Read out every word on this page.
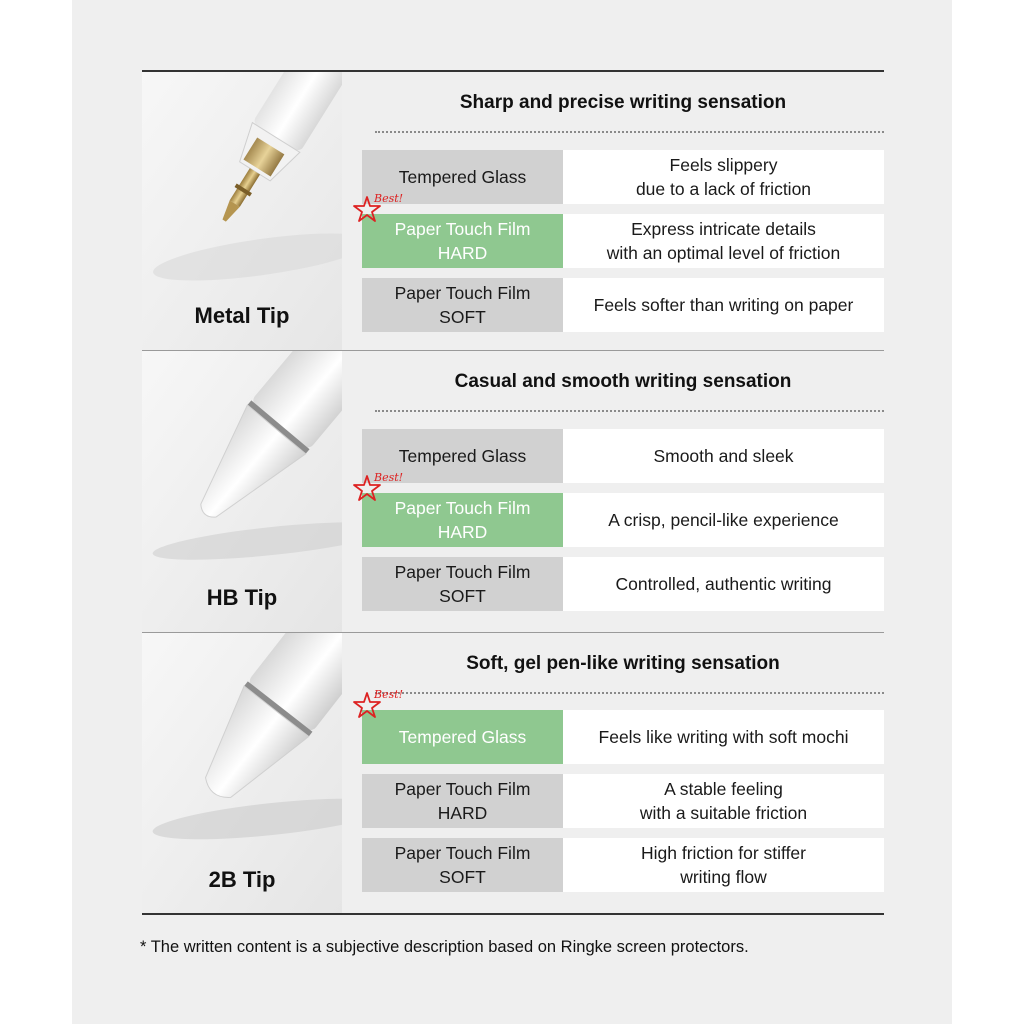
Metal Tip
Sharp and precise writing sensation
Tempered Glass
Feels slippery
due to a lack of friction
Paper Touch Film
HARD
Express intricate details
with an optimal level of friction
Best!
Paper Touch Film
SOFT
Feels softer than writing on paper
HB Tip
Casual and smooth writing sensation
Tempered Glass	Smooth and sleek
Paper Touch Film
HARD
A crisp, pencil-like experience
Best!
Paper Touch Film
SOFT
Controlled, authentic writing
2B Tip
Soft, gel pen-like writing sensation
Tempered Glass	Feels like writing with soft mochi
Best!
Paper Touch Film
HARD
A stable feeling
with a suitable friction
Paper Touch Film
SOFT
High friction for stiffer
writing flow
* The written content is a subjective description based on Ringke screen protectors.
